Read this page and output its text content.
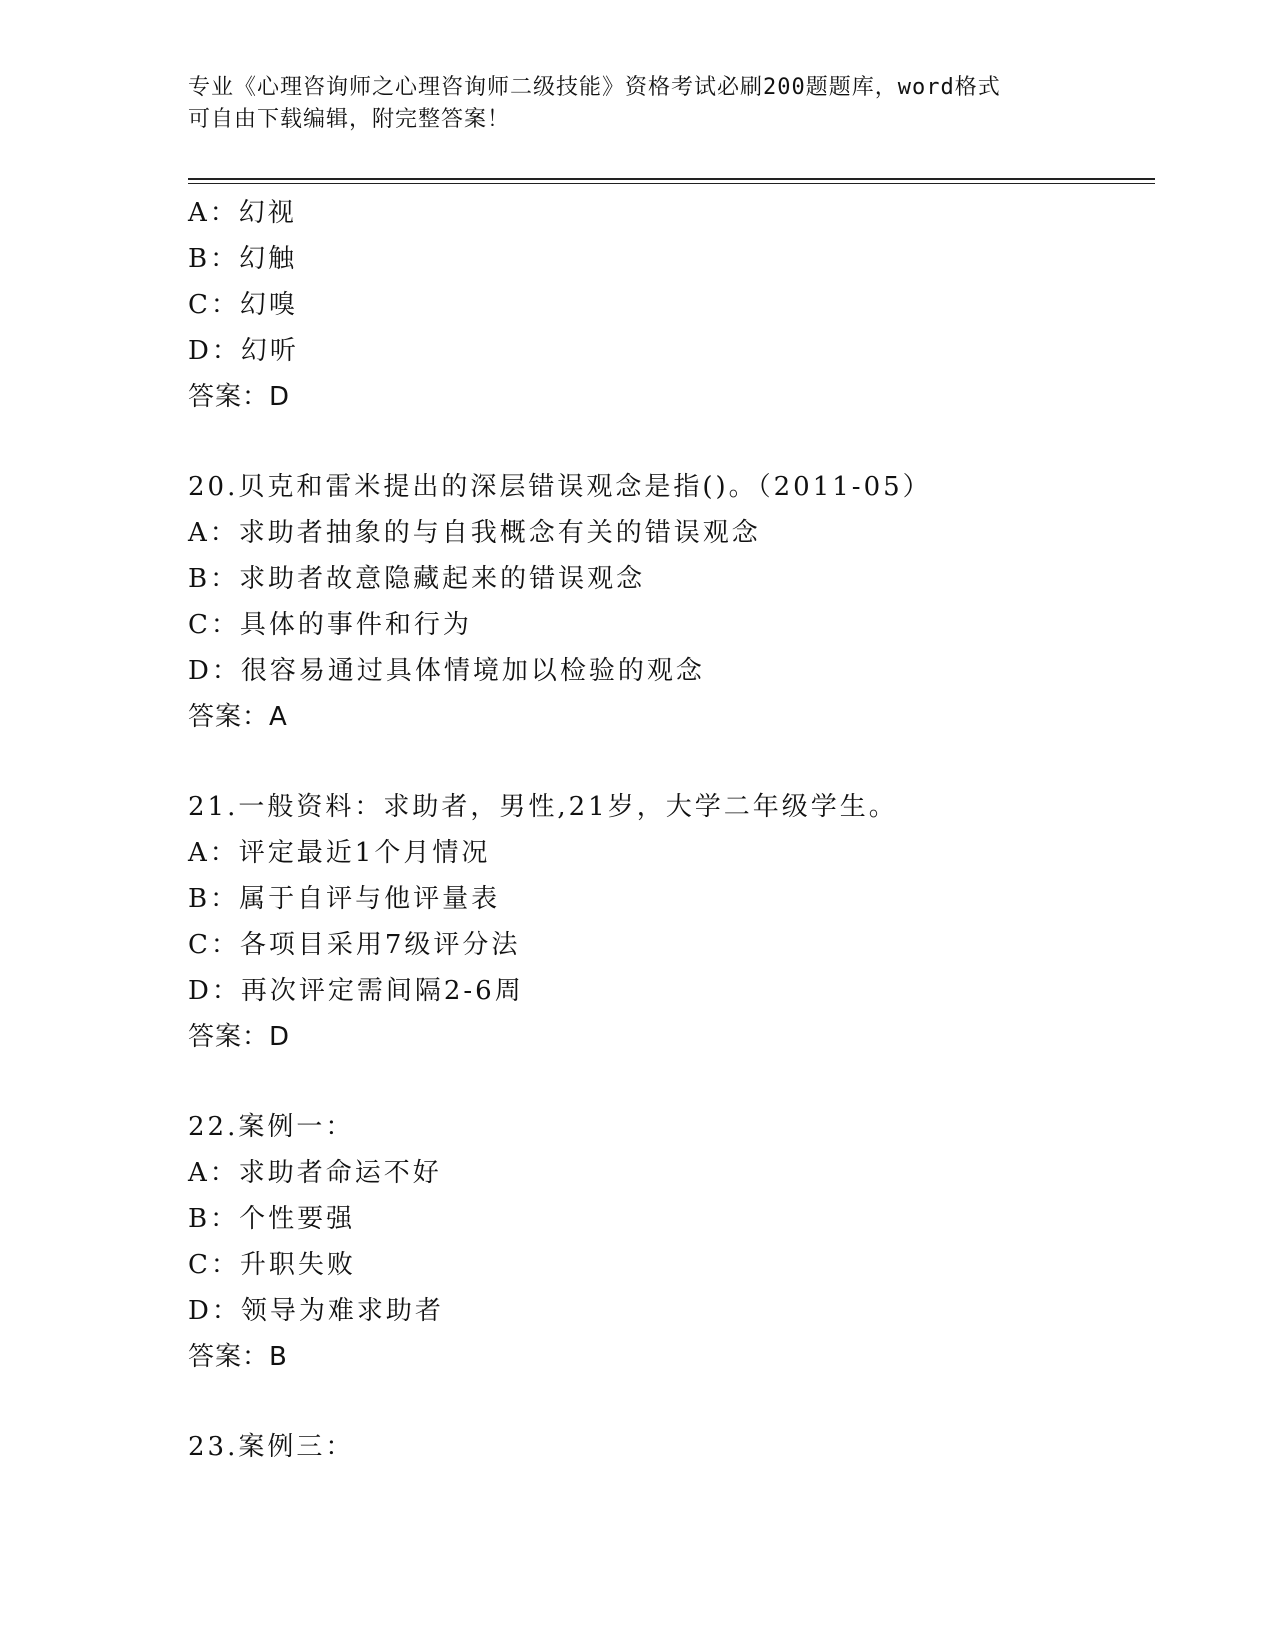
专业《心理咨询师之心理咨询师二级技能》资格考试必刷200题题库，word格式
可自由下载编辑，附完整答案！
A：幻视
B：幻触
C：幻嗅
D：幻听
答案：D
20.贝克和雷米提出的深层错误观念是指()。（2011-05）
A：求助者抽象的与自我概念有关的错误观念
B：求助者故意隐藏起来的错误观念
C：具体的事件和行为
D：很容易通过具体情境加以检验的观念
答案：A
21.一般资料：求助者，男性,21岁，大学二年级学生。
A：评定最近1个月情况
B：属于自评与他评量表
C：各项目采用7级评分法
D：再次评定需间隔2-6周
答案：D
22.案例一：
A：求助者命运不好
B：个性要强
C：升职失败
D：领导为难求助者
答案：B
23.案例三：
